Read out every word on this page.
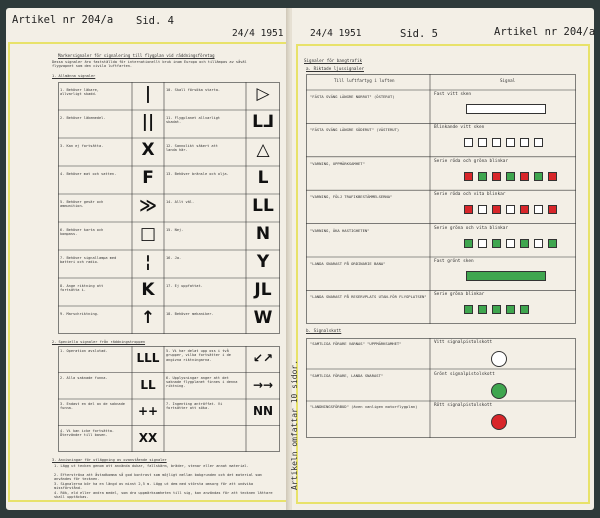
Artikel nr 204/a Sid. 4
24/4 1951
Markersignaler för signalering till flygplan vid räddningsföretag
Dessa signaler äro fastställda för internationellt bruk inom Europa och tillämpas av såväl flygvapnet som den civila luftfarten.
1. Allmänna signaler
2. Speciella signaler från räddningstroppen
3. Anvisningar för utläggning av ovanstående signaler
1. Behöver läkare, allvarligt skadd.	|
2. Behöver läkemedel.	||
3. Kan ej fortsätta.	X
4. Behöver mat och vatten.	F
5. Behöver gevär och ammunition.	≫
6. Behöver karta och kompass.	□
7. Behöver signallampa med batteri och radio.	¦
8. Ange riktning att fortsätta i.	K
9. Marschriktning.	↑
10. Skall försöka starta.	▷
11. Flygplanet allvarligt skadat.	Ⅼ⅃
12. Sannolikt säkert att landa här.	△
13. Behöver bränsle och olja.	L
14. Allt väl.	LL
15. Nej.	N
16. Ja.	Y
17. Ej uppfattat.	JL
18. Behöver mekaniker.	W
1. Operation avslutad.	LLL
2. Alla saknade funna.	LL
3. Endast en del av de saknade funna.	++
4. Vi kan icke fortsätta. Återvänder till basen.	XX
5. Vi har delat upp oss i två grupper, vilka fortsätter i de angivna riktningarna.	↙↗
6. Upplysningar anger att det saknade flygplanet finnes i denna riktning.	→→
7. Ingenting anträffat. Vi fortsätter att söka.	NN
1. Lägg ut tecken genom att använda dukar, fallskärm, bräder, stenar eller annat material.
2. Eftersträva att åstadkomma så god kontrast som möjligt mellan bakgrunden och det material som användes för tecknen.
3. Signalerna bör ha en längd av minst 2,5 m. Lägg ut dem med största omsorg för att undvika missförstånd.
4. Rök, eld eller andra medel, som dra uppmärksamheten till sig, kan användas för att tecknen lättare skall upptäckas.
24/4 1951	Sid. 5	Artikel nr 204/a
Signaler för bangtrafik
a. Riktade ljussignaler
Till luftfartyg i luften	Signal
b. Signalskott
Artikeln omfattar 10 sidor.
"FÄSTA SVÄNG LÄNGRE NORRUT" (ÖSTERUT)	Fast vitt sken
"FÄSTA SVÄNG LÄNGRE SÖDERUT" (VÄSTERUT)	Blinkande vitt sken
"VARNING, UPPMÄRKSAMHET"	Serie röda och gröna blinkar
"VARNING, FÖLJ TRAFIKBESTÄMMELSERNA"	Serie röda och vita blinkar
"VARNING, ÖKA HASTIGHETEN"	Serie gröna och vita blinkar
"LANDA SNARAST PÅ ORDINARIE BANA"	Fast grönt sken
"LANDA SNARAST PÅ RESERVPLATS UTAN-FÖR FLYGPLATSEN"	Serie gröna blinkar
"SAMTLIGA FÖRARE VARNAS" "UPPMÄRKSAMHET"	Vitt signalpistolskott
"SAMTLIGA FÖRARE, LANDA SNARAST"	Grönt signalpistolskott
"LANDNINGSFÖRBUD" (även vanligen motorflygplan)	Rött signalpistolskott
